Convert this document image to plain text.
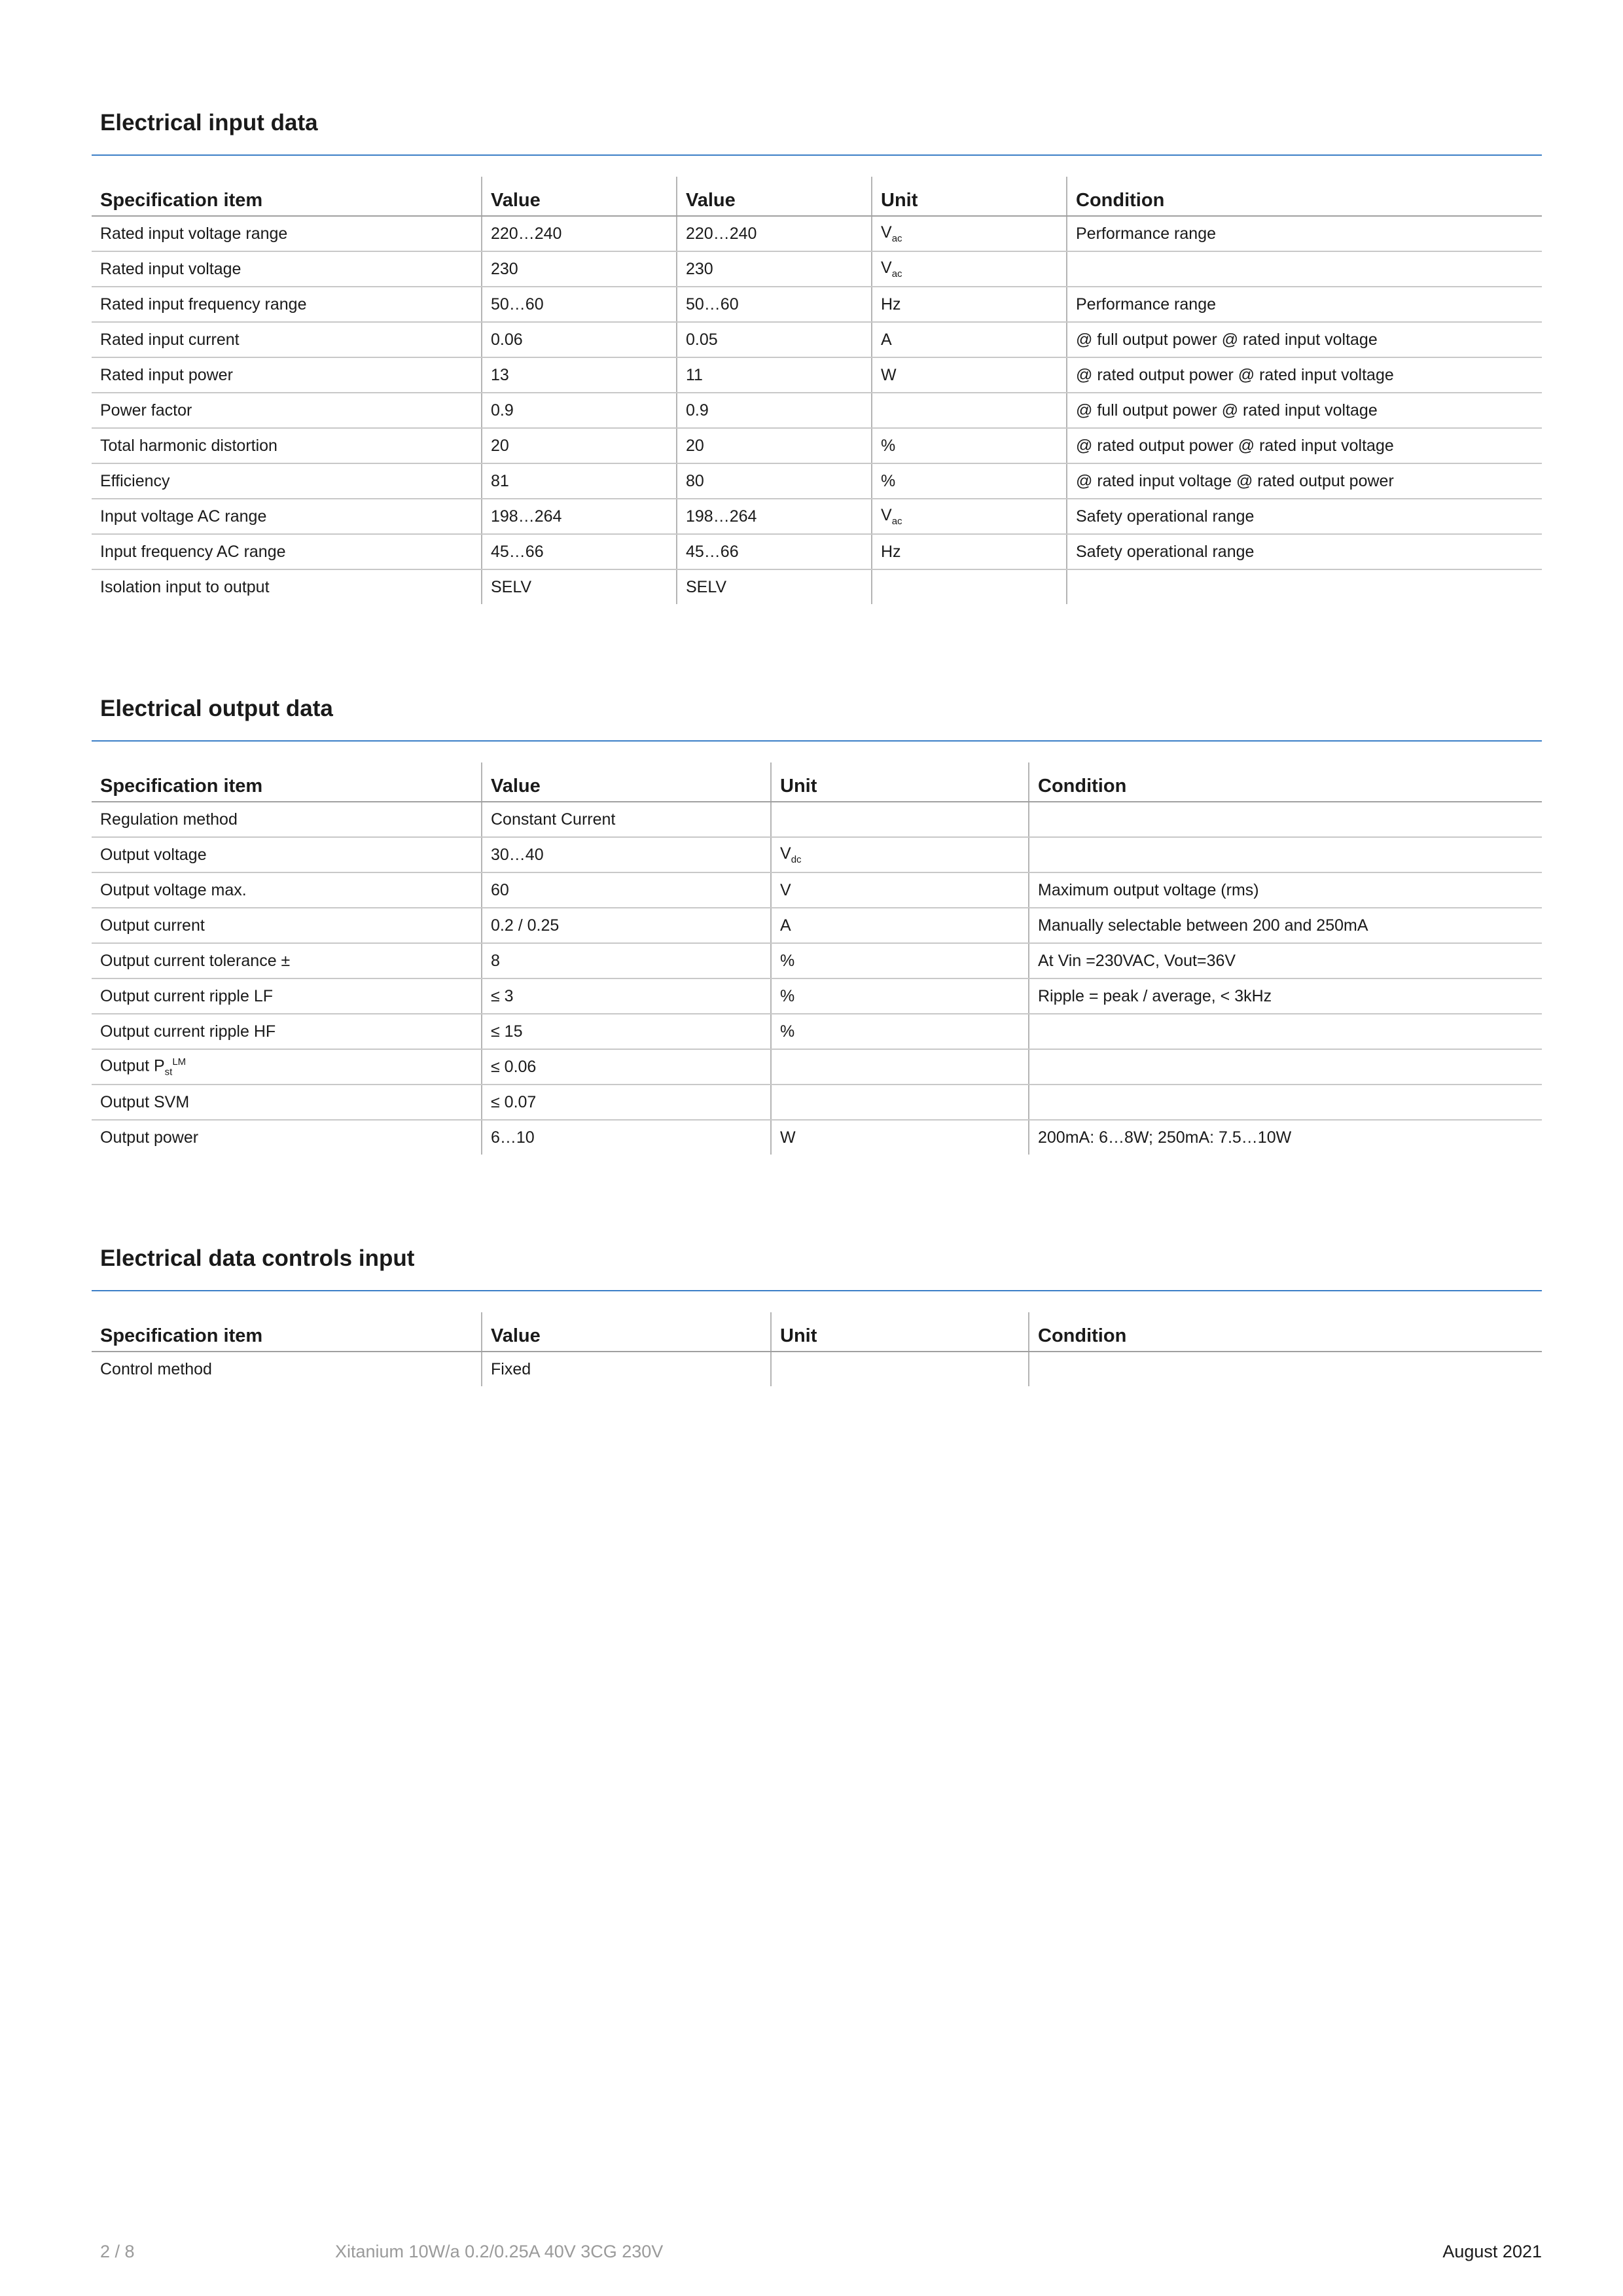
Electrical input data
Specification item	Value	Value	Unit	Condition
Rated input voltage range	220…240	220…240	$V_{ac}$	Performance range
Rated input voltage	230	230	$V_{ac}$	
Rated input frequency range	50…60	50…60	Hz	Performance range
Rated input current	0.06	0.05	A	@ full output power @ rated input voltage
Rated input power	13	11	W	@ rated output power @ rated input voltage
Power factor	0.9	0.9		@ full output power @ rated input voltage
Total harmonic distortion	20	20	%	@ rated output power @ rated input voltage
Efficiency	81	80	%	@ rated input voltage @ rated output power
Input voltage AC range	198…264	198…264	$V_{ac}$	Safety operational range
Input frequency AC range	45…66	45…66	Hz	Safety operational range
Isolation input to output	SELV	SELV		
Electrical output data
Specification item	Value	Unit	Condition
Regulation method	Constant Current		
Output voltage	30…40	$V_{dc}$	
Output voltage max.	60	V	Maximum output voltage (rms)
Output current	0.2 / 0.25	A	Manually selectable between 200 and 250mA
Output current tolerance ±	8	%	At Vin =230VAC, Vout=36V
Output current ripple LF	≤ 3	%	Ripple = peak / average, < 3kHz
Output current ripple HF	≤ 15	%	
Output $P_{st}^{LM}$	≤ 0.06		
Output SVM	≤ 0.07		
Output power	6…10	W	200mA: 6…8W; 250mA: 7.5…10W
Electrical data controls input
Specification item	Value	Unit	Condition
Control method	Fixed		
2 / 8	Xitanium 10W/a 0.2/0.25A 40V 3CG 230V	August 2021
